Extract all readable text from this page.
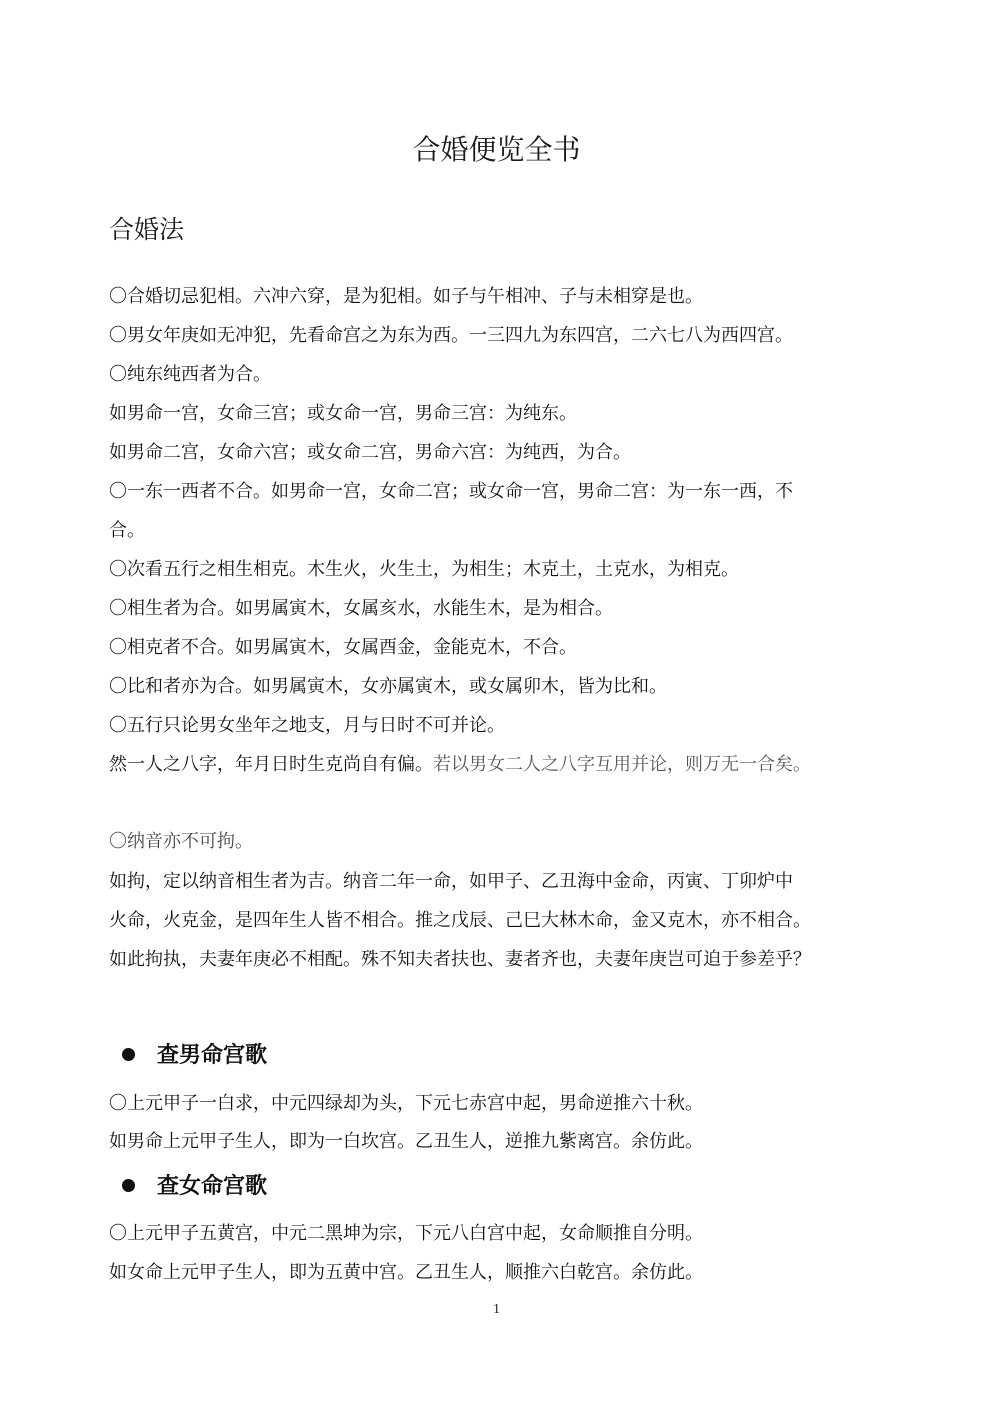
合婚便览全书
合婚法
〇合婚切忌犯相。六冲六穿，是为犯相。如子与午相冲、子与未相穿是也。
〇男女年庚如无冲犯，先看命宫之为东为西。一三四九为东四宫，二六七八为西四宫。
〇纯东纯西者为合。
如男命一宫，女命三宫；或女命一宫，男命三宫：为纯东。
如男命二宫，女命六宫；或女命二宫，男命六宫：为纯西，为合。
〇一东一西者不合。如男命一宫，女命二宫；或女命一宫，男命二宫：为一东一西，不
合。
〇次看五行之相生相克。木生火，火生土，为相生；木克土，土克水，为相克。
〇相生者为合。如男属寅木，女属亥水，水能生木，是为相合。
〇相克者不合。如男属寅木，女属酉金，金能克木，不合。
〇比和者亦为合。如男属寅木，女亦属寅木，或女属卯木，皆为比和。
〇五行只论男女坐年之地支，月与日时不可并论。
然一人之八字，年月日时生克尚自有偏。若以男女二人之八字互用并论，则万无一合矣。
〇纳音亦不可拘。
如拘，定以纳音相生者为吉。纳音二年一命，如甲子、乙丑海中金命，丙寅、丁卯炉中
火命，火克金，是四年生人皆不相合。推之戊辰、己巳大林木命，金又克木，亦不相合。
如此拘执，夫妻年庚必不相配。殊不知夫者扶也、妻者齐也，夫妻年庚岂可迫于参差乎？
查男命宫歌
〇上元甲子一白求，中元四绿却为头，下元七赤宫中起，男命逆推六十秋。
如男命上元甲子生人，即为一白坎宫。乙丑生人，逆推九紫离宫。余仿此。
查女命宫歌
〇上元甲子五黄宫，中元二黑坤为宗，下元八白宫中起，女命顺推自分明。
如女命上元甲子生人，即为五黄中宫。乙丑生人，顺推六白乾宫。余仿此。
1
